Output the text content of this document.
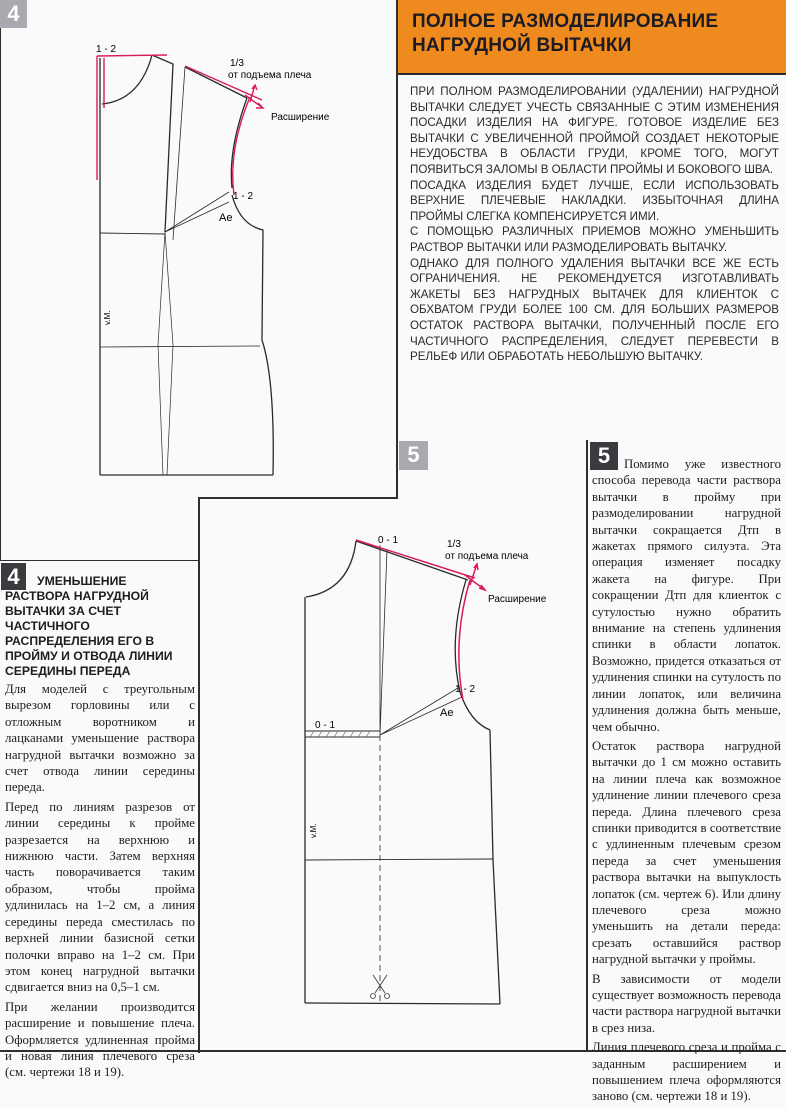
4
5
ПОЛНОЕ РАЗМОДЕЛИРОВАНИЕ
НАГРУДНОЙ ВЫТАЧКИ

ПРИ ПОЛНОМ РАЗМОДЕЛИРОВАНИИ (УДАЛЕНИИ) НАГРУДНОЙ ВЫТАЧКИ СЛЕДУЕТ УЧЕСТЬ СВЯЗАННЫЕ С ЭТИМ ИЗМЕНЕНИЯ ПОСАДКИ ИЗДЕЛИЯ НА ФИГУРЕ. ГОТОВОЕ ИЗДЕЛИЕ БЕЗ ВЫТАЧКИ С УВЕЛИЧЕННОЙ ПРОЙМОЙ СОЗДАЕТ НЕКОТОРЫЕ НЕУДОБСТВА В ОБЛАСТИ ГРУДИ, КРОМЕ ТОГО, МОГУТ ПОЯВИТЬСЯ ЗАЛОМЫ В ОБЛАСТИ ПРОЙМЫ И БОКОВОГО ШВА.

ПОСАДКА ИЗДЕЛИЯ БУДЕТ ЛУЧШЕ, ЕСЛИ ИСПОЛЬЗОВАТЬ ВЕРХНИЕ ПЛЕЧЕВЫЕ НАКЛАДКИ. ИЗБЫТОЧНАЯ ДЛИНА ПРОЙМЫ СЛЕГКА КОМПЕНСИРУЕТСЯ ИМИ.

С ПОМОЩЬЮ РАЗЛИЧНЫХ ПРИЕМОВ МОЖНО УМЕНЬШИТЬ РАСТВОР ВЫТАЧКИ ИЛИ РАЗМОДЕЛИРОВАТЬ ВЫТАЧКУ.

ОДНАКО ДЛЯ ПОЛНОГО УДАЛЕНИЯ ВЫТАЧКИ ВСЕ ЖЕ ЕСТЬ ОГРАНИЧЕНИЯ. НЕ РЕКОМЕНДУЕТСЯ ИЗГОТАВЛИВАТЬ ЖАКЕТЫ БЕЗ НАГРУДНЫХ ВЫТАЧЕК ДЛЯ КЛИЕНТОК С ОБХВАТОМ ГРУДИ БОЛЕЕ 100 СМ. ДЛЯ БОЛЬШИХ РАЗМЕРОВ ОСТАТОК РАСТВОРА ВЫТАЧКИ, ПОЛУЧЕННЫЙ ПОСЛЕ ЕГО ЧАСТИЧНОГО РАСПРЕДЕЛЕНИЯ, СЛЕДУЕТ ПЕРЕВЕСТИ В РЕЛЬЕФ ИЛИ ОБРАБОТАТЬ НЕБОЛЬШУЮ ВЫТАЧКУ.

1 - 2
1/3
от подъема плеча
Расширение
1 - 2
Ae
v.M.
0 - 1	1/3
от подъема плеча
Расширение
1 - 2
Ae
0 - 1
v.M.
4	УМЕНЬШЕНИЕ РАСТВОРА НАГРУДНОЙ ВЫТАЧКИ ЗА СЧЕТ ЧАСТИЧНОГО РАСПРЕДЕЛЕНИЯ ЕГО В ПРОЙМУ И ОТВОДА ЛИНИИ СЕРЕДИНЫ ПЕРЕДА

Для моделей с треугольным вырезом горловины или с отложным воротником и лацканами уменьшение раствора нагрудной вытачки возможно за счет отвода линии середины переда.

Перед по линиям разрезов от линии середины к пройме разрезается на верхнюю и нижнюю части. Затем верхняя часть поворачивается таким образом, чтобы пройма удлинилась на 1–2 см, а линия середины переда сместилась по верхней линии базисной сетки полочки вправо на 1–2 см. При этом конец нагрудной вытачки сдвигается вниз на 0,5–1 см.

При желании производится расширение и повышение плеча. Оформляется удлиненная пройма и новая линия плечевого среза (см. чертежи 18 и 19).

5	Помимо уже известного способа перевода части раствора вытачки в пройму при размоделировании нагрудной вытачки сокращается Дтп в жакетах прямого силуэта. Эта операция изменяет посадку жакета на фигуре. При сокращении Дтп для клиенток с сутулостью нужно обратить внимание на степень удлинения спинки в области лопаток. Возможно, придется отказаться от удлинения спинки на сутулость по линии лопаток, или величина удлинения должна быть меньше, чем обычно.

Остаток раствора нагрудной вытачки до 1 см можно оставить на линии плеча как возможное удлинение линии плечевого среза переда. Длина плечевого среза спинки приводится в соответствие с удлиненным плечевым срезом переда за счет уменьшения раствора вытачки на выпуклость лопаток (см. чертеж 6). Или длину плечевого среза можно уменьшить на детали переда: срезать оставшийся раствор нагрудной вытачки у проймы.

В зависимости от модели существует возможность перевода части раствора нагрудной вытачки в срез низа.

Линия плечевого среза и пройма с заданным расширением и повышением плеча оформляются заново (см. чертежи 18 и 19).
